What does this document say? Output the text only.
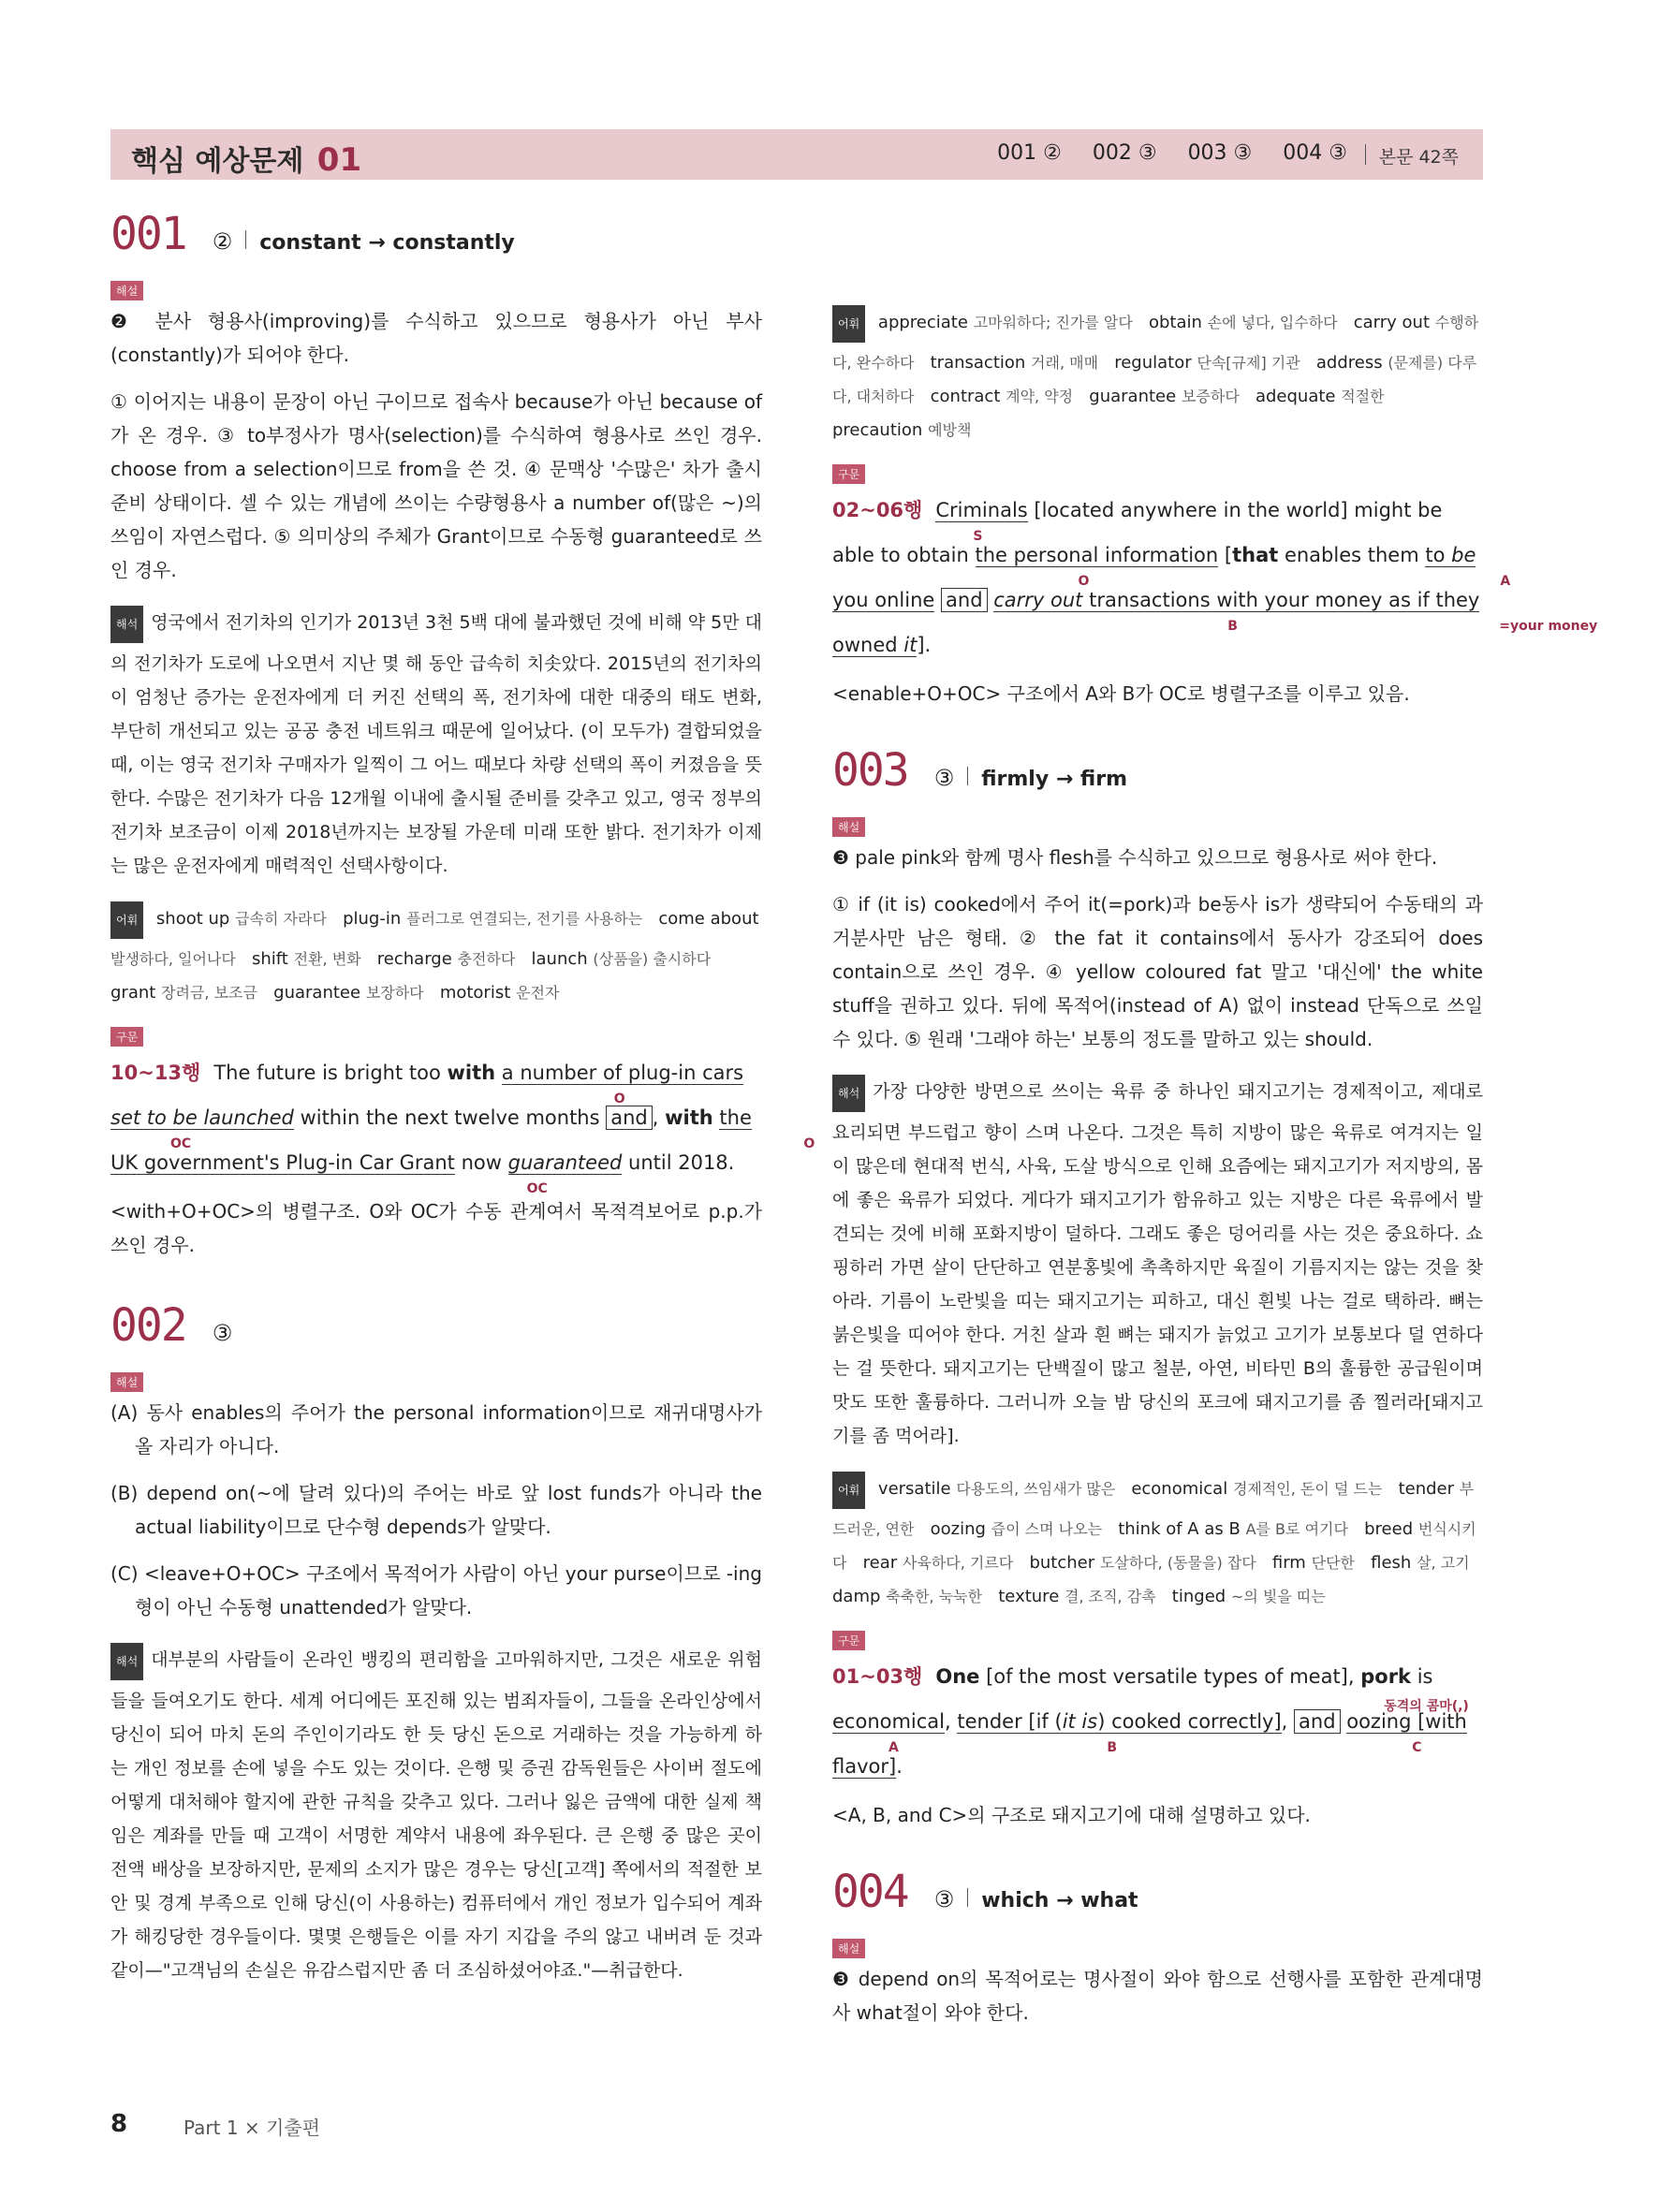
핵심 예상문제 01	001 ② 002 ③ 003 ③ 004 ③ 본문 42쪽
001 ② constant → constantly
해설

❷ 분사 형용사(improving)를 수식하고 있으므로 형용사가 아닌 부사(constantly)가 되어야 한다.

① 이어지는 내용이 문장이 아닌 구이므로 접속사 because가 아닌 because of가 온 경우. ③ to부정사가 명사(selection)를 수식하여 형용사로 쓰인 경우. choose from a selection이므로 from을 쓴 것. ④ 문맥상 '수많은' 차가 출시 준비 상태이다. 셀 수 있는 개념에 쓰이는 수량형용사 a number of(많은 ~)의 쓰임이 자연스럽다. ⑤ 의미상의 주체가 Grant이므로 수동형 guaranteed로 쓰인 경우.

해석 영국에서 전기차의 인기가 2013년 3천 5백 대에 불과했던 것에 비해 약 5만 대의 전기차가 도로에 나오면서 지난 몇 해 동안 급속히 치솟았다. 2015년의 전기차의 이 엄청난 증가는 운전자에게 더 커진 선택의 폭, 전기차에 대한 대중의 태도 변화, 부단히 개선되고 있는 공공 충전 네트워크 때문에 일어났다. (이 모두가) 결합되었을 때, 이는 영국 전기차 구매자가 일찍이 그 어느 때보다 차량 선택의 폭이 커졌음을 뜻한다. 수많은 전기차가 다음 12개월 이내에 출시될 준비를 갖추고 있고, 영국 정부의 전기차 보조금이 이제 2018년까지는 보장될 가운데 미래 또한 밝다. 전기차가 이제는 많은 운전자에게 매력적인 선택사항이다.

어휘 shoot up 급속히 자라다 plug-in 플러그로 연결되는, 전기를 사용하는 come about 발생하다, 일어나다 shift 전환, 변화 recharge 충전하다 launch (상품을) 출시하다   grant 장려금, 보조금 guarantee 보장하다 motorist 운전자

구문

10~13행 The future is bright too with a number of plug-in cars
O
set to be launched
OC
within the next twelve months and , with the UK government's Plug-in Car Grant
O
now guaranteed
OC
until 2018.

<with+O+OC>의 병렬구조. O와 OC가 수동 관계여서 목적격보어로 p.p.가 쓰인 경우.

002 ③
해설

(A) 동사 enables의 주어가 the personal information이므로 재귀대명사가 올 자리가 아니다.

(B) depend on(~에 달려 있다)의 주어는 바로 앞 lost funds가 아니라 the actual liability이므로 단수형 depends가 알맞다.

(C) <leave+O+OC> 구조에서 목적어가 사람이 아닌 your purse이므로 -ing형이 아닌 수동형 unattended가 알맞다.

해석 대부분의 사람들이 온라인 뱅킹의 편리함을 고마워하지만, 그것은 새로운 위험들을 들여오기도 한다. 세계 어디에든 포진해 있는 범죄자들이, 그들을 온라인상에서 당신이 되어 마치 돈의 주인이기라도 한 듯 당신 돈으로 거래하는 것을 가능하게 하는 개인 정보를 손에 넣을 수도 있는 것이다. 은행 및 증권 감독원들은 사이버 절도에 어떻게 대처해야 할지에 관한 규칙을 갖추고 있다. 그러나 잃은 금액에 대한 실제 책임은 계좌를 만들 때 고객이 서명한 계약서 내용에 좌우된다. 큰 은행 중 많은 곳이 전액 배상을 보장하지만, 문제의 소지가 많은 경우는 당신[고객] 쪽에서의 적절한 보안 및 경계 부족으로 인해 당신(이 사용하는) 컴퓨터에서 개인 정보가 입수되어 계좌가 해킹당한 경우들이다. 몇몇 은행들은 이를 자기 지갑을 주의 않고 내버려 둔 것과 같이—"고객님의 손실은 유감스럽지만 좀 더 조심하셨어야죠."—취급한다.

어휘 appreciate 고마워하다; 진가를 알다 obtain 손에 넣다, 입수하다 carry out 수행하다, 완수하다 transaction 거래, 매매 regulator 단속[규제] 기관 address (문제를) 다루다, 대처하다 contract 계약, 약정 guarantee 보증하다 adequate 적절한   precaution 예방책

구문

02~06행 Criminals
S
[located anywhere in the world] might be able to obtain the personal information
O
[that enables them to be you online
A
and carry out transactions with your money as if they owned it
B	=your money
].

<enable+O+OC> 구조에서 A와 B가 OC로 병렬구조를 이루고 있음.

003 ③ firmly → firm
해설

❸ pale pink와 함께 명사 flesh를 수식하고 있으므로 형용사로 써야 한다.

① if (it is) cooked에서 주어 it(=pork)과 be동사 is가 생략되어 수동태의 과거분사만 남은 형태. ② the fat it contains에서 동사가 강조되어 does contain으로 쓰인 경우. ④ yellow coloured fat 말고 '대신에' the white stuff을 권하고 있다. 뒤에 목적어(instead of A) 없이 instead 단독으로 쓰일 수 있다. ⑤ 원래 '그래야 하는' 보통의 정도를 말하고 있는 should.

해석 가장 다양한 방면으로 쓰이는 육류 중 하나인 돼지고기는 경제적이고, 제대로 요리되면 부드럽고 향이 스며 나온다. 그것은 특히 지방이 많은 육류로 여겨지는 일이 많은데 현대적 번식, 사육, 도살 방식으로 인해 요즘에는 돼지고기가 저지방의, 몸에 좋은 육류가 되었다. 게다가 돼지고기가 함유하고 있는 지방은 다른 육류에서 발견되는 것에 비해 포화지방이 덜하다. 그래도 좋은 덩어리를 사는 것은 중요하다. 쇼핑하러 가면 살이 단단하고 연분홍빛에 촉촉하지만 육질이 기름지지는 않는 것을 찾아라. 기름이 노란빛을 띠는 돼지고기는 피하고, 대신 흰빛 나는 걸로 택하라. 뼈는 붉은빛을 띠어야 한다. 거친 살과 흰 뼈는 돼지가 늙었고 고기가 보통보다 덜 연하다는 걸 뜻한다. 돼지고기는 단백질이 많고 철분, 아연, 비타민 B의 훌륭한 공급원이며 맛도 또한 훌륭하다. 그러니까 오늘 밤 당신의 포크에 돼지고기를 좀 찔러라[돼지고기를 좀 먹어라].

어휘 versatile 다용도의, 쓰임새가 많은 economical 경제적인, 돈이 덜 드는 tender 부드러운, 연한 oozing 즙이 스며 나오는 think of A as B A를 B로 여기다 breed 번식시키다 rear 사육하다, 기르다 butcher 도살하다, (동물을) 잡다 firm 단단한 flesh 살, 고기   damp 축축한, 눅눅한 texture 결, 조직, 감촉 tinged ~의 빛을 띠는

구문

01~03행 One [of the most versatile types of meat], pork is economical
A
, tender [if (it is) cooked correctly]
B
, and oozing [with flavor]
동격의 콤마(,)
C
.

<A, B, and C>의 구조로 돼지고기에 대해 설명하고 있다.

004 ③ which → what
해설

❸ depend on의 목적어로는 명사절이 와야 함으로 선행사를 포함한 관계대명사 what절이 와야 한다.

8	Part 1 × 기출편
